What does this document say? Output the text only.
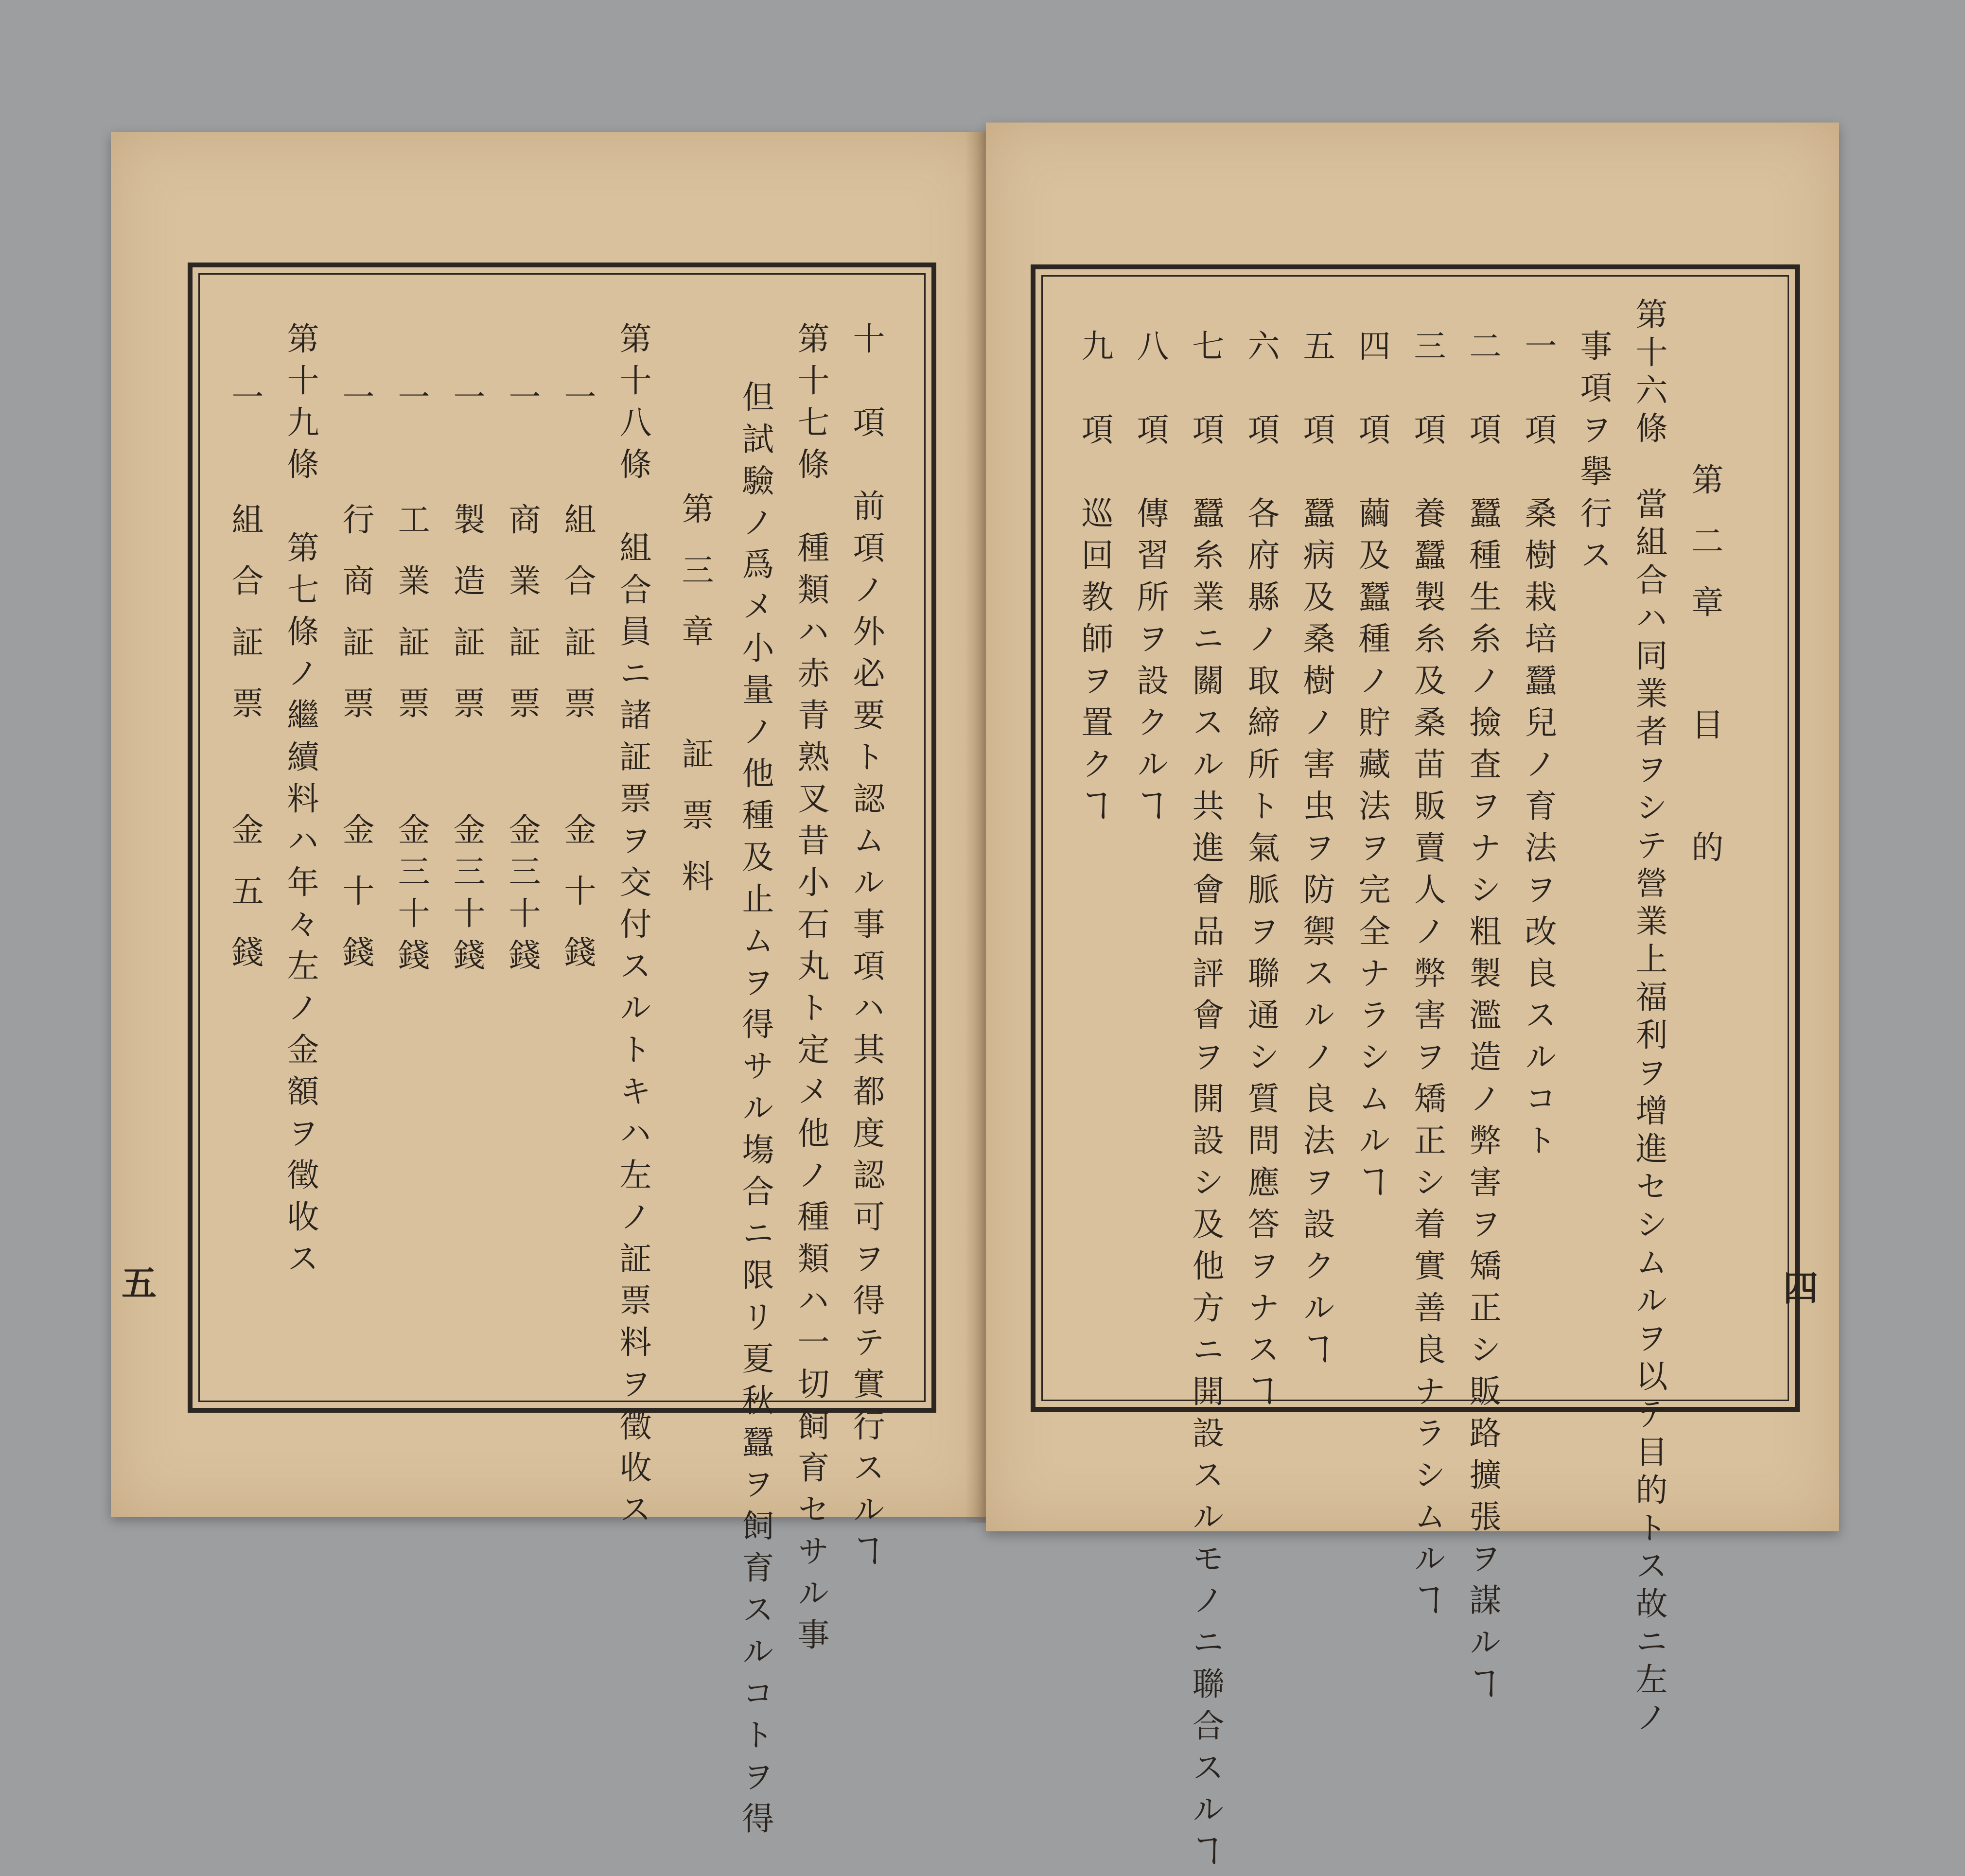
十　項　前項ノ外必要ト認ムル事項ハ其都度認可ヲ得テ實行スルヿ

第十七條　種類ハ赤青熟叉昔小石丸ト定メ他ノ種類ハ一切飼育セサル事

但試驗ノ爲メ小量ノ他種及止ムヲ得サル塲合ニ限リ夏秋蠶ヲ飼育スルコトヲ得

第三章　証票料

第十八條　組合員ニ諸証票ヲ交付スルトキハ左ノ証票料ヲ徵收ス

一　組合証票

金十錢

一　商業証票

金三十錢

一　製造証票

金三十錢

一　工業証票

金三十錢

一　行商証票

金十錢

第十九條　第七條ノ繼續料ハ年々左ノ金額ヲ徵收ス

一　組合証票

金五錢

五

第二章　目　的

第十六條　當組合ハ同業者ヲシテ營業上福利ヲ增進セシムルヲ以テ目的トス故ニ左ノ

事項ヲ擧行ス

一　項　桑樹栽培蠶兒ノ育法ヲ改良スルコト

二　項　蠶種生糸ノ撿査ヲナシ粗製濫造ノ弊害ヲ矯正シ販路擴張ヲ謀ルヿ

三　項　養蠶製糸及桑苗販賣人ノ弊害ヲ矯正シ着實善良ナラシムルヿ

四　項　繭及蠶種ノ貯藏法ヲ完全ナラシムルヿ

五　項　蠶病及桑樹ノ害虫ヲ防禦スルノ良法ヲ設クルヿ

六　項　各府縣ノ取締所ト氣脈ヲ聯通シ質問應答ヲナスヿ

七　項　蠶糸業ニ關スル共進會品評會ヲ開設シ及他方ニ開設スルモノニ聯合スルヿ

八　項　傳習所ヲ設クルヿ

九　項　巡回教師ヲ置クヿ

四
